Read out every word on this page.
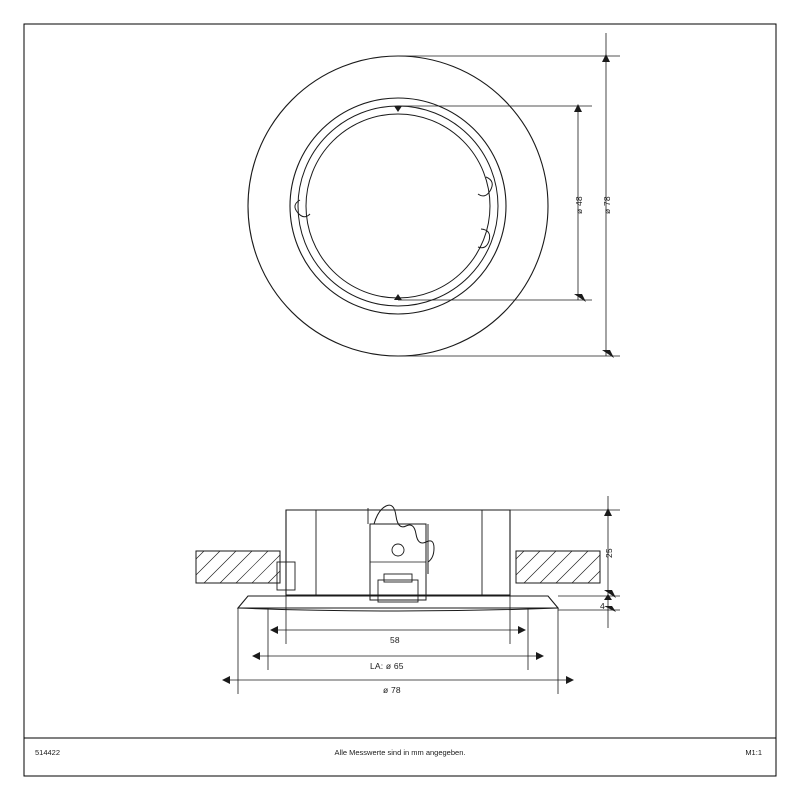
ø 48 ø 78
25
4
58
LA: ø 65
ø 78
514422	Alle Messwerte sind in mm angegeben.	M1:1
